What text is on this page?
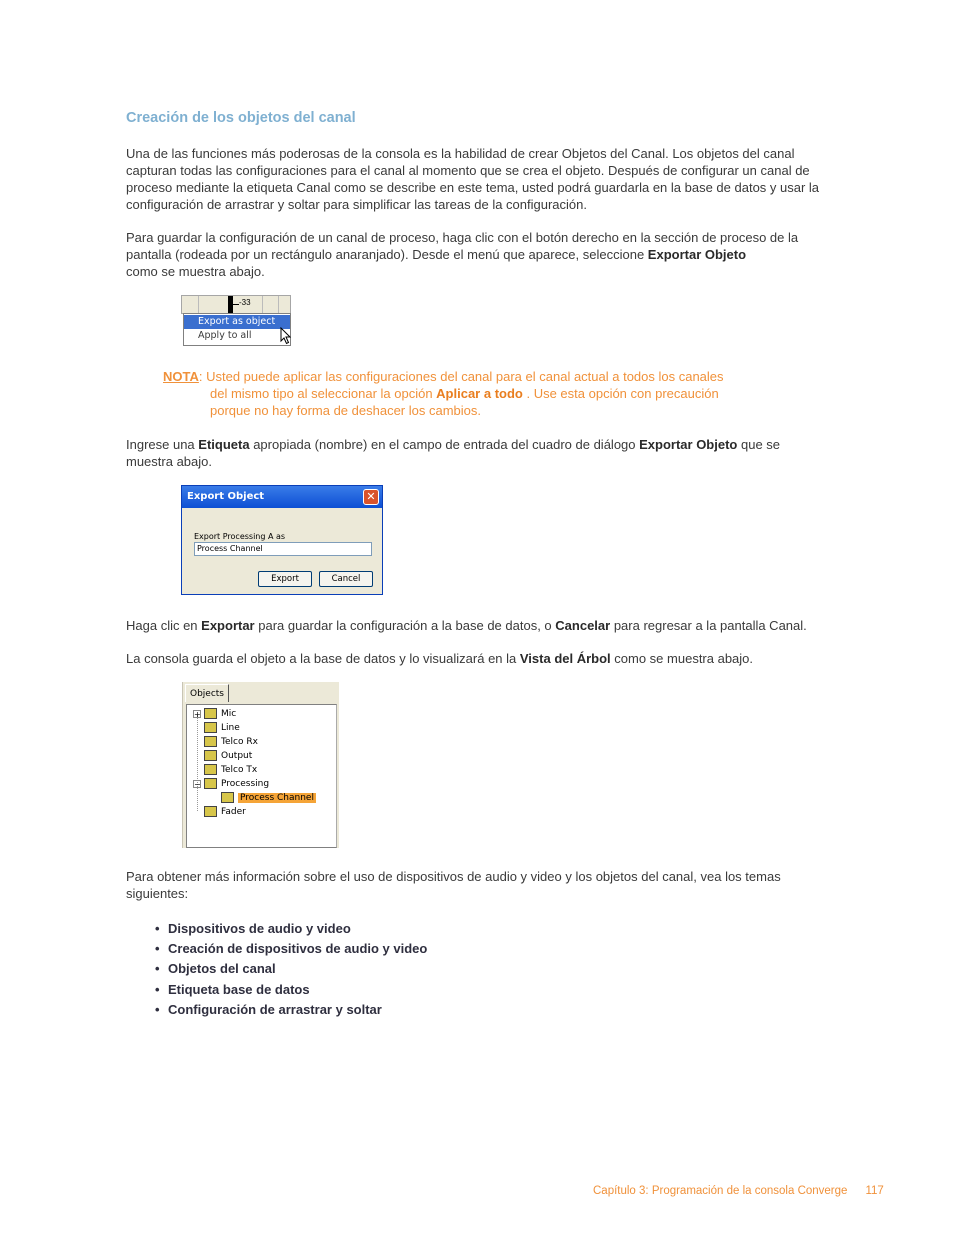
Creación de los objetos del canal
Una de las funciones más poderosas de la consola es la habilidad de crear Objetos del Canal. Los objetos del canal capturan todas las configuraciones para el canal al momento que se crea el objeto. Después de configurar un canal de proceso mediante la etiqueta Canal como se describe en este tema, usted podrá guardarla en la base de datos y usar la configuración de arrastrar y soltar para simplificar las tareas de la configuración.
Para guardar la configuración de un canal de proceso, haga clic con el botón derecho en la sección de proceso de la pantalla (rodeada por un rectángulo anaranjado). Desde el menú que aparece, seleccione Exportar Objeto
como se muestra abajo.
-33
Export as object
Apply to all
NOTA: Usted puede aplicar las configuraciones del canal para el canal actual a todos los canales
del mismo tipo al seleccionar la opción Aplicar a todo . Use esta opción con precaución
porque no hay forma de deshacer los cambios.
Ingrese una Etiqueta apropiada (nombre) en el campo de entrada del cuadro de diálogo Exportar Objeto que se muestra abajo.
Export Object	✕
Export Processing A as
Process Channel
Export	Cancel
Haga clic en Exportar para guardar la configuración a la base de datos, o Cancelar para regresar a la pantalla Canal.
La consola guarda el objeto a la base de datos y lo visualizará en la Vista del Árbol como se muestra abajo.
Objects
+ Mic
Line
Telco Rx
Output
Telco Tx
− Processing
Process Channel
Fader
Para obtener más información sobre el uso de dispositivos de audio y video y los objetos del canal, vea los temas siguientes:
• Dispositivos de audio y video
• Creación de dispositivos de audio y video
• Objetos del canal
• Etiqueta base de datos
• Configuración de arrastrar y soltar
Capítulo 3: Programación de la consola Converge 117
